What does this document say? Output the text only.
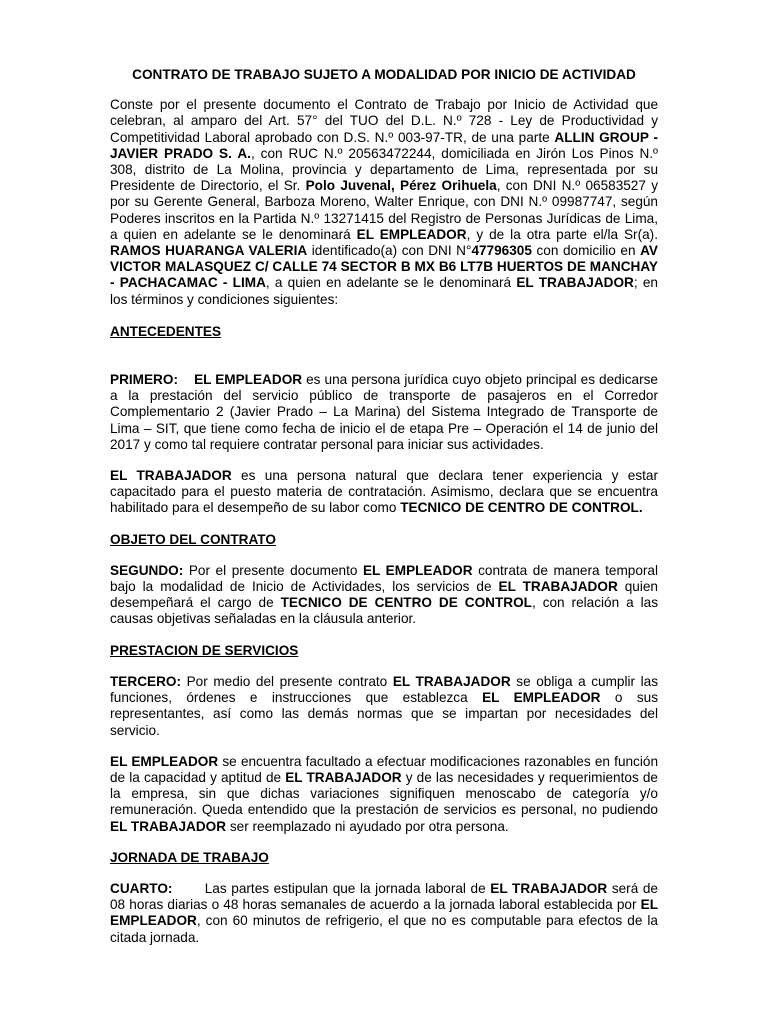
CONTRATO DE TRABAJO SUJETO A MODALIDAD POR INICIO DE ACTIVIDAD

Conste por el presente documento el Contrato de Trabajo por Inicio de Actividad que celebran, al amparo del Art. 57° del TUO del D.L. N.º 728 - Ley de Productividad y Competitividad Laboral aprobado con D.S. N.º 003-97-TR, de una parte ALLIN GROUP - JAVIER PRADO S. A., con RUC N.º 20563472244, domiciliada en Jirón Los Pinos N.º 308, distrito de La Molina, provincia y departamento de Lima, representada por su Presidente de Directorio, el Sr. Polo Juvenal, Pérez Orihuela, con DNI N.º 06583527 y por su Gerente General, Barboza Moreno, Walter Enrique, con DNI N.º 09987747, según Poderes inscritos en la Partida N.º 13271415 del Registro de Personas Jurídicas de Lima, a quien en adelante se le denominará EL EMPLEADOR, y de la otra parte el/la Sr(a). RAMOS HUARANGA VALERIA identificado(a) con DNI N°47796305 con domicilio en AV VICTOR MALASQUEZ C/ CALLE 74 SECTOR B MX B6 LT7B HUERTOS DE MANCHAY - PACHACAMAC - LIMA, a quien en adelante se le denominará EL TRABAJADOR; en los términos y condiciones siguientes:

ANTECEDENTES

PRIMERO: EL EMPLEADOR es una persona jurídica cuyo objeto principal es dedicarse a la prestación del servicio público de transporte de pasajeros en el Corredor Complementario 2 (Javier Prado – La Marina) del Sistema Integrado de Transporte de Lima – SIT, que tiene como fecha de inicio el de etapa Pre – Operación el 14 de junio del 2017 y como tal requiere contratar personal para iniciar sus actividades.

EL TRABAJADOR es una persona natural que declara tener experiencia y estar capacitado para el puesto materia de contratación. Asimismo, declara que se encuentra habilitado para el desempeño de su labor como TECNICO DE CENTRO DE CONTROL.

OBJETO DEL CONTRATO

SEGUNDO: Por el presente documento EL EMPLEADOR contrata de manera temporal bajo la modalidad de Inicio de Actividades, los servicios de EL TRABAJADOR quien desempeñará el cargo de TECNICO DE CENTRO DE CONTROL, con relación a las causas objetivas señaladas en la cláusula anterior.

PRESTACION DE SERVICIOS

TERCERO: Por medio del presente contrato EL TRABAJADOR se obliga a cumplir las funciones, órdenes e instrucciones que establezca EL EMPLEADOR o sus representantes, así como las demás normas que se impartan por necesidades del servicio.

EL EMPLEADOR se encuentra facultado a efectuar modificaciones razonables en función de la capacidad y aptitud de EL TRABAJADOR y de las necesidades y requerimientos de la empresa, sin que dichas variaciones signifiquen menoscabo de categoría y/o remuneración. Queda entendido que la prestación de servicios es personal, no pudiendo EL TRABAJADOR ser reemplazado ni ayudado por otra persona.

JORNADA DE TRABAJO

CUARTO:       Las partes estipulan que la jornada laboral de EL TRABAJADOR será de 08 horas diarias o 48 horas semanales de acuerdo a la jornada laboral establecida por EL EMPLEADOR, con 60 minutos de refrigerio, el que no es computable para efectos de la citada jornada.
